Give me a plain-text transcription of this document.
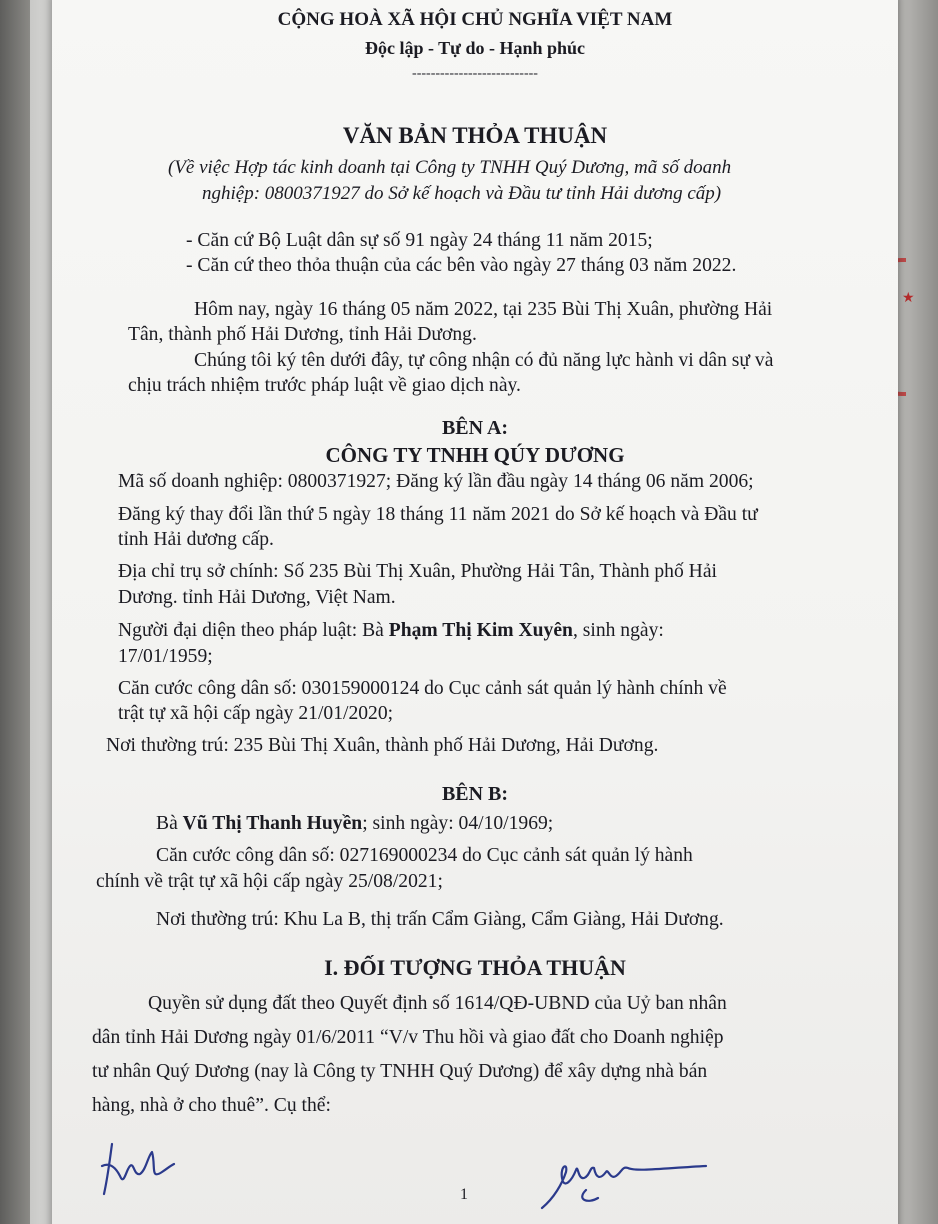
★
CỘNG HOÀ XÃ HỘI CHỦ NGHĨA VIỆT NAM
Độc lập - Tự do - Hạnh phúc
---------------------------
VĂN BẢN THỎA THUẬN
(Về việc Hợp tác kinh doanh tại Công ty TNHH Quý Dương, mã số doanh
nghiệp: 0800371927 do Sở kế hoạch và Đầu tư tỉnh Hải dương cấp)
- Căn cứ Bộ Luật dân sự số 91 ngày 24 tháng 11 năm 2015;
- Căn cứ theo thỏa thuận của các bên vào ngày 27 tháng 03 năm 2022.
Hôm nay, ngày 16 tháng 05 năm 2022, tại 235 Bùi Thị Xuân, phường Hải
Tân, thành phố Hải Dương, tỉnh Hải Dương.
Chúng tôi ký tên dưới đây, tự công nhận có đủ năng lực hành vi dân sự và
chịu trách nhiệm trước pháp luật về giao dịch này.
BÊN A:
CÔNG TY TNHH QÚY DƯƠNG
Mã số doanh nghiệp: 0800371927; Đăng ký lần đầu ngày 14 tháng 06 năm 2006;
Đăng ký thay đổi lần thứ 5 ngày 18 tháng 11 năm 2021 do Sở kế hoạch và Đầu tư
tỉnh Hải dương cấp.
Địa chỉ trụ sở chính: Số 235 Bùi Thị Xuân, Phường Hải Tân, Thành phố Hải
Dương. tỉnh Hải Dương, Việt Nam.
Người đại diện theo pháp luật: Bà Phạm Thị Kim Xuyên, sinh ngày:
17/01/1959;
Căn cước công dân số: 030159000124 do Cục cảnh sát quản lý hành chính về
trật tự xã hội cấp ngày 21/01/2020;
Nơi thường trú: 235 Bùi Thị Xuân, thành phố Hải Dương, Hải Dương.
BÊN B:
Bà Vũ Thị Thanh Huyền; sinh ngày: 04/10/1969;
Căn cước công dân số: 027169000234 do Cục cảnh sát quản lý hành
chính về trật tự xã hội cấp ngày 25/08/2021;
Nơi thường trú: Khu La B, thị trấn Cẩm Giàng, Cẩm Giàng, Hải Dương.
I. ĐỐI TƯỢNG THỎA THUẬN
Quyền sử dụng đất theo Quyết định số 1614/QĐ-UBND của Uỷ ban nhân
dân tỉnh Hải Dương ngày 01/6/2011 “V/v Thu hồi và giao đất cho Doanh nghiệp
tư nhân Quý Dương (nay là Công ty TNHH Quý Dương) để xây dựng nhà bán
hàng, nhà ở cho thuê”. Cụ thể:
1
